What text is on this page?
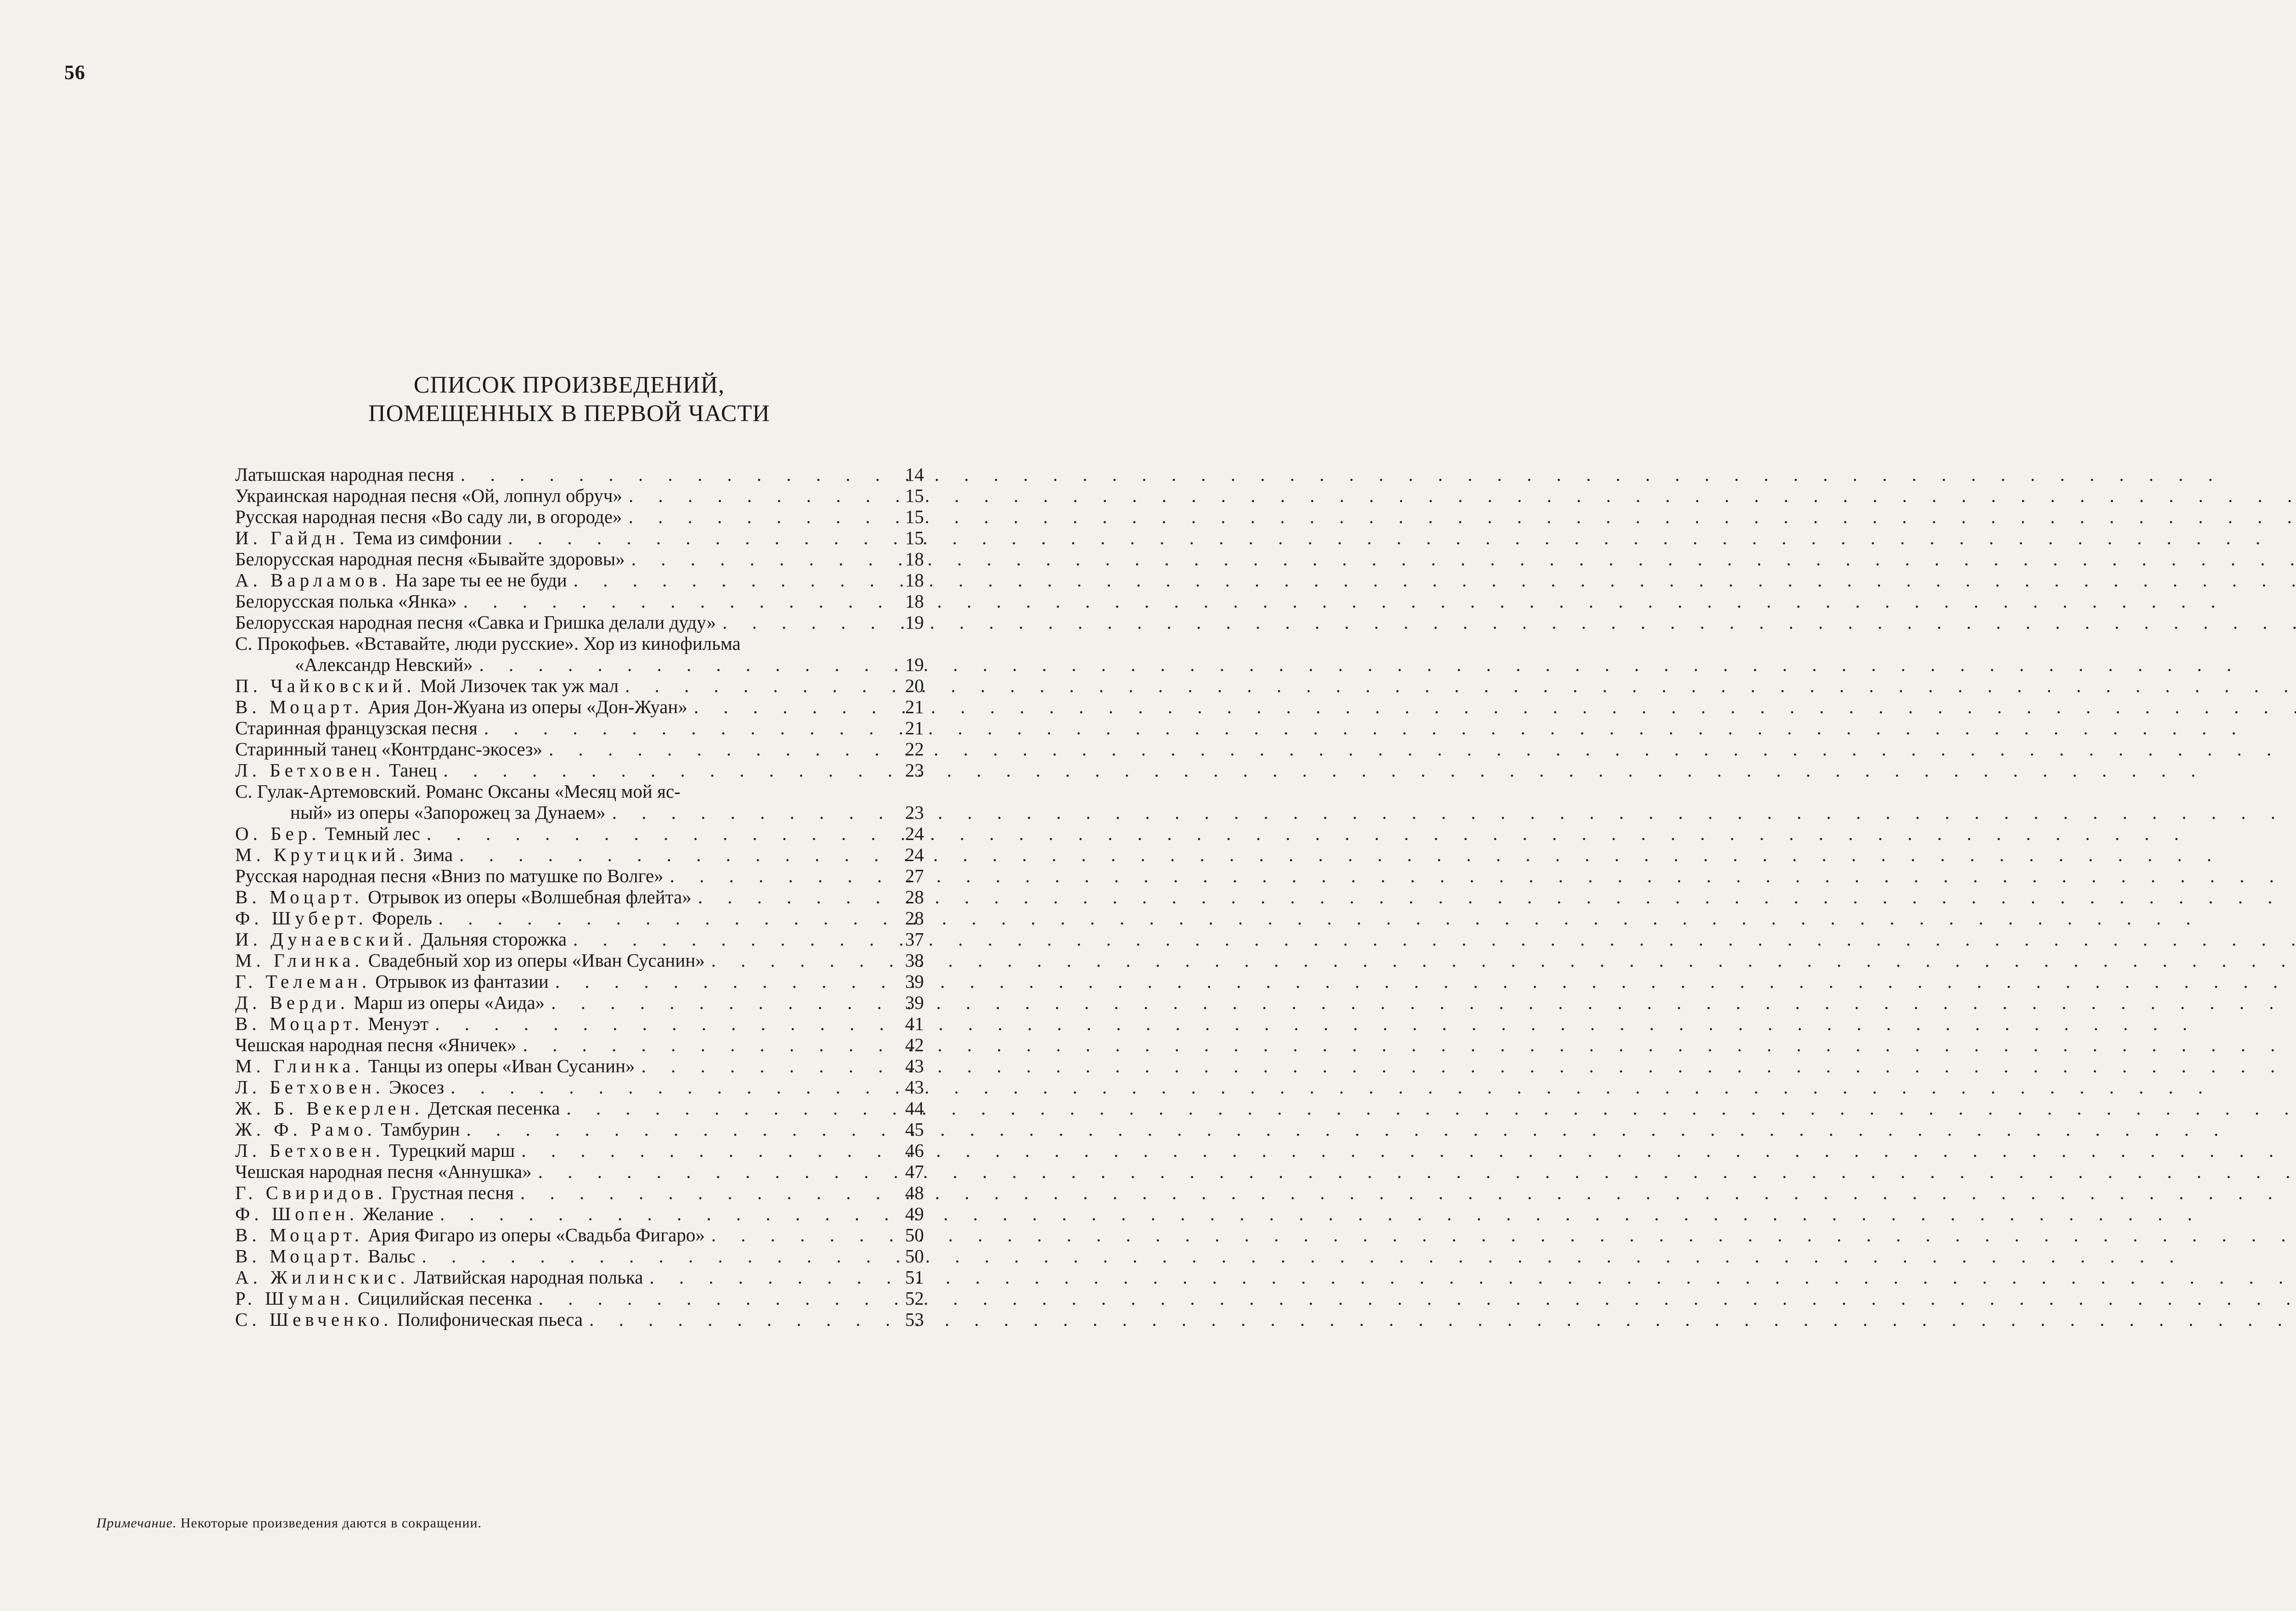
56
СПИСОК ПРОИЗВЕДЕНИЙ,
ПОМЕЩЕННЫХ В ПЕРВОЙ ЧАСТИ
Латышская народная песня . . .	14
Украинская народная песня «Ой, лопнул обруч» . . .	15
Русская народная песня «Во саду ли, в огороде» . . .	15
И. Гайдн. Тема из симфонии . . .	15
Белорусская народная песня «Бывайте здоровы» . . .	18
А. Варламов. На заре ты ее не буди . . .	18
Белорусская полька «Янка» . . .	18
Белорусская народная песня «Савка и Гришка делали дуду» . . .	19
С. Прокофьев. «Вставайте, люди русские». Хор из кинофильма
«Александр Невский» . . .	19
П. Чайковский. Мой Лизочек так уж мал . . .	20
В. Моцарт. Ария Дон-Жуана из оперы «Дон-Жуан» . . .	21
Старинная французская песня . . .	21
Старинный танец «Контрданс-экосез» . . .	22
Л. Бетховен. Танец . . .	23
С. Гулак-Артемовский. Романс Оксаны «Месяц мой яс-
ный» из оперы «Запорожец за Дунаем» . . .	23
О. Бер. Темный лес . . .	24
М. Крутицкий. Зима . . .	24
Русская народная песня «Вниз по матушке по Волге» . . .	27
В. Моцарт. Отрывок из оперы «Волшебная флейта» . . .	28
Ф. Шуберт. Форель . . .	28
И. Дунаевский. Дальняя сторожка . . .	37
М. Глинка. Свадебный хор из оперы «Иван Сусанин» . . .	38
Г. Телеман. Отрывок из фантазии . . .	39
Д. Верди. Марш из оперы «Аида» . . .	39
В. Моцарт. Менуэт . . .	41
Чешская народная песня «Яничек» . . .	42
М. Глинка. Танцы из оперы «Иван Сусанин» . . .	43
Л. Бетховен. Экосез . . .	43
Ж. Б. Векерлен. Детская песенка . . .	44
Ж. Ф. Рамо. Тамбурин . . .	45
Л. Бетховен. Турецкий марш . . .	46
Чешская народная песня «Аннушка» . . .	47
Г. Свиридов. Грустная песня . . .	48
Ф. Шопен. Желание . . .	49
В. Моцарт. Ария Фигаро из оперы «Свадьба Фигаро» . . .	50
В. Моцарт. Вальс . . .	50
А. Жилинскис. Латвийская народная полька . . .	51
Р. Шуман. Сицилийская песенка . . .	52
С. Шевченко. Полифоническая пьеса . . .	53
Примечание. Некоторые произведения даются в сокращении.
